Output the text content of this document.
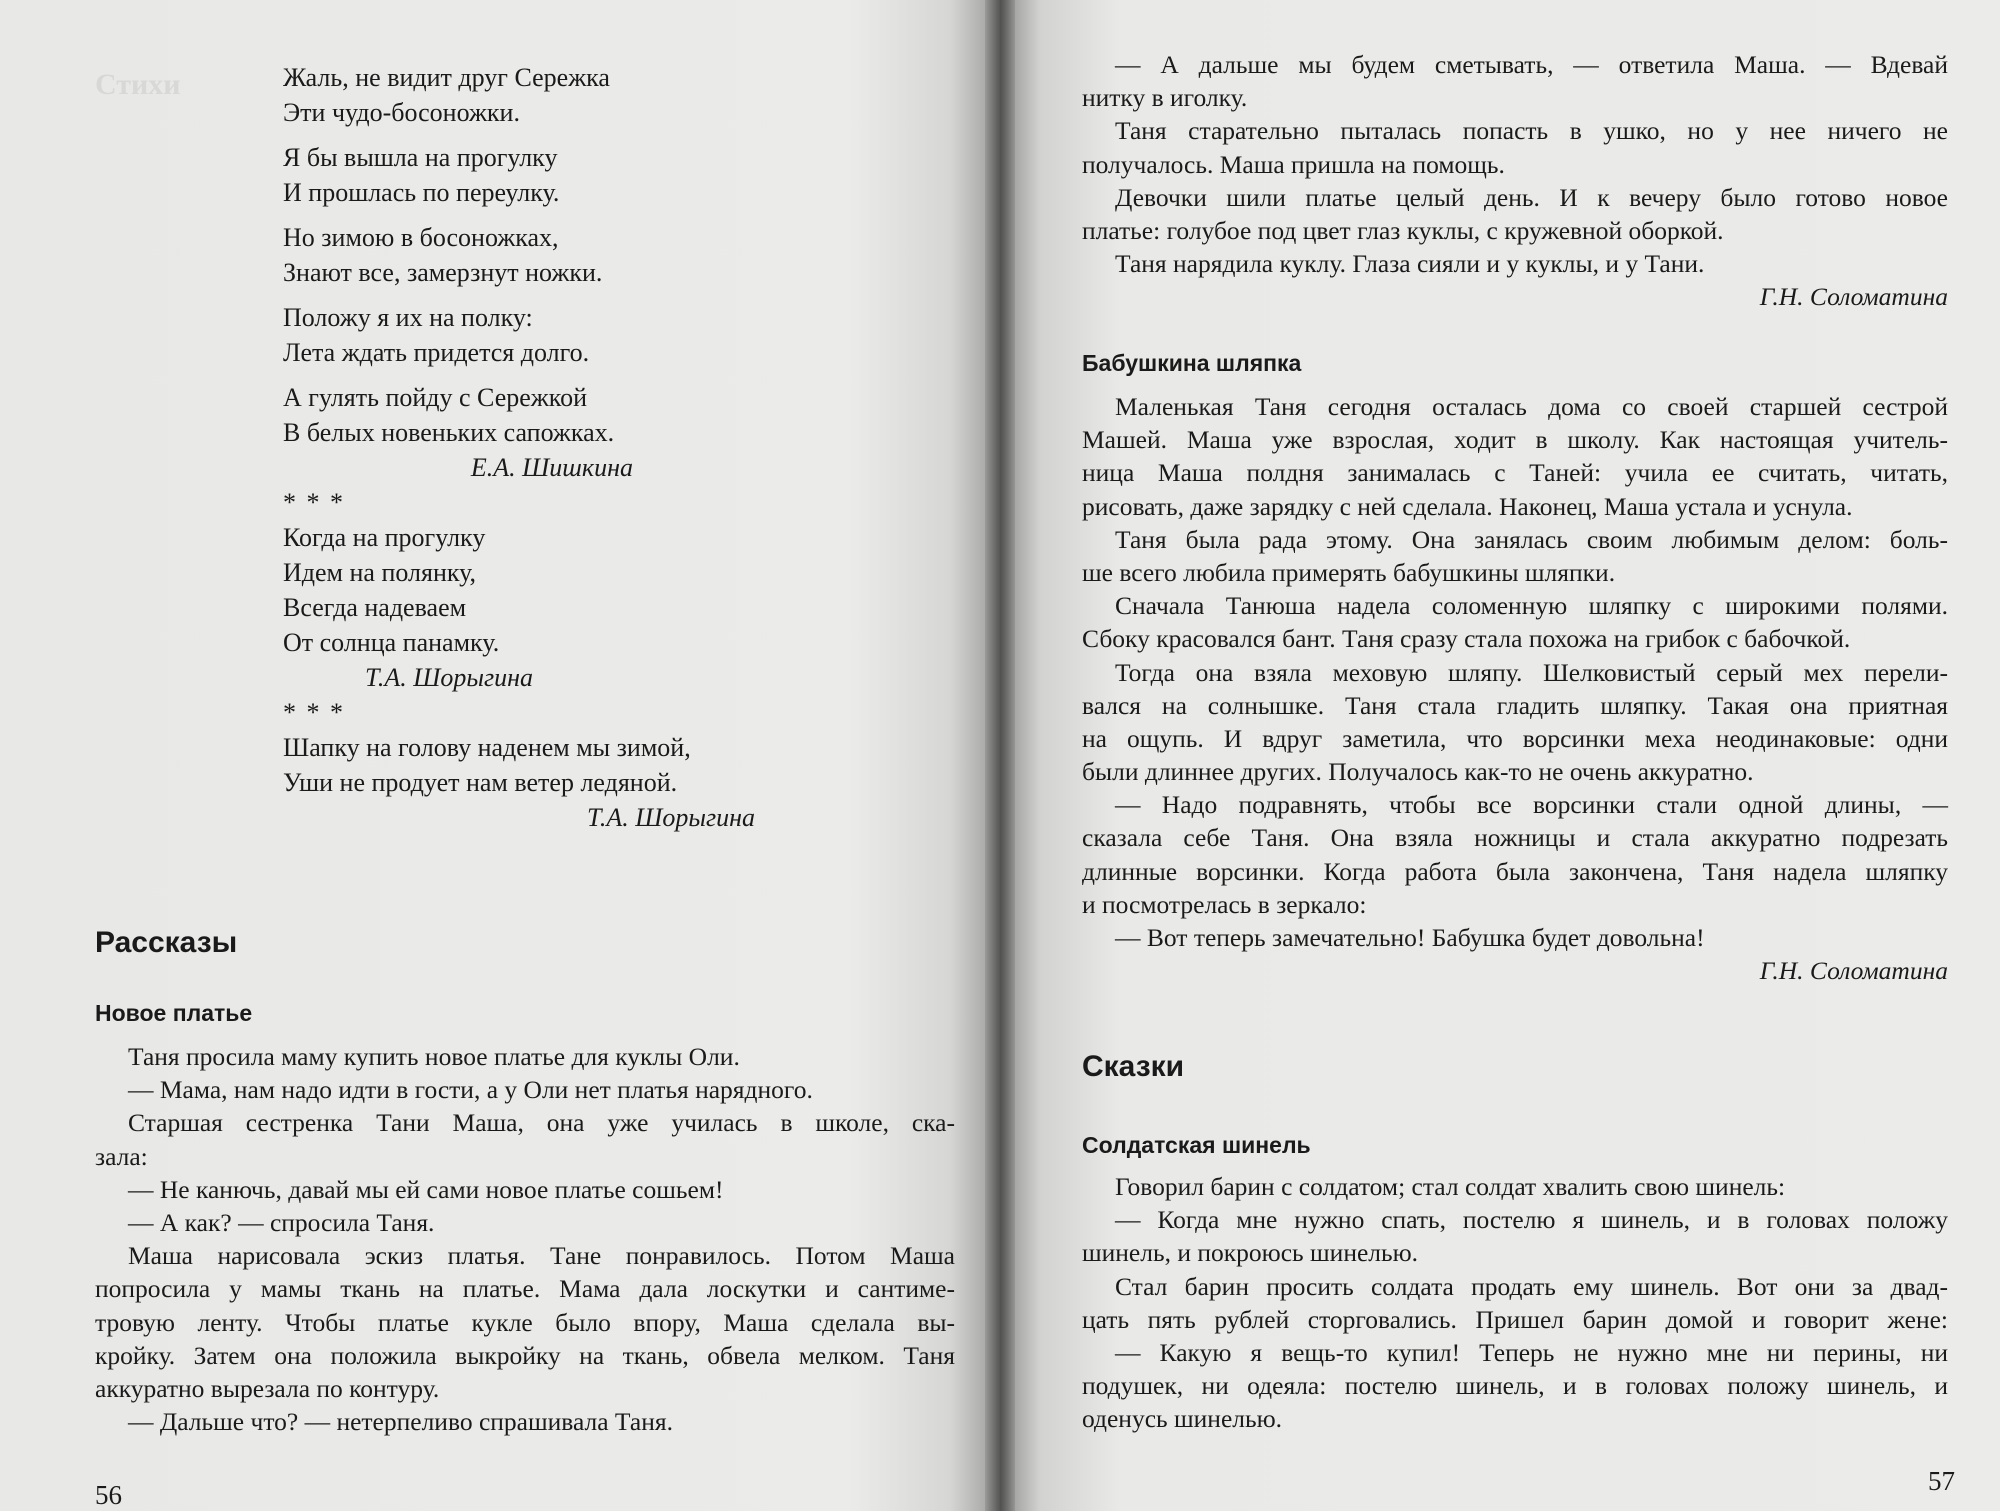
Стихи	Жаль, не видит друг Сережка
Эти чудо-босоножки.
Я бы вышла на прогулку
И прошлась по переулку.
Но зимою в босоножках,
Знают все, замерзнут ножки.
Положу я их на полку:
Лета ждать придется долго.
А гулять пойду с Сережкой
В белых новеньких сапожках.
Е.А. Шишкина
* * *
Когда на прогулку
Идем на полянку,
Всегда надеваем
От солнца панамку.
Т.А. Шорыгина
* * *
Шапку на голову наденем мы зимой,
Уши не продует нам ветер ледяной.
Т.А. Шорыгина
Рассказы
Новое платье
Таня просила маму купить новое платье для куклы Оли.
— Мама, нам надо идти в гости, а у Оли нет платья нарядного.
Старшая сестренка Тани Маша, она уже училась в школе, ска-
зала:
— Не канючь, давай мы ей сами новое платье сошьем!
— А как? — спросила Таня.
Маша нарисовала эскиз платья. Тане понравилось. Потом Маша
попросила у мамы ткань на платье. Мама дала лоскутки и сантиме-
тровую ленту. Чтобы платье кукле было впору, Маша сделала вы-
кройку. Затем она положила выкройку на ткань, обвела мелком. Таня
аккуратно вырезала по контуру.
— Дальше что? — нетерпеливо спрашивала Таня.
56
— А дальше мы будем сметывать, — ответила Маша. — Вдевай
нитку в иголку.
Таня старательно пыталась попасть в ушко, но у нее ничего не
получалось. Маша пришла на помощь.
Девочки шили платье целый день. И к вечеру было готово новое
платье: голубое под цвет глаз куклы, с кружевной оборкой.
Таня нарядила куклу. Глаза сияли и у куклы, и у Тани.
Г.Н. Соломатина
Бабушкина шляпка
Маленькая Таня сегодня осталась дома со своей старшей сестрой
Машей. Маша уже взрослая, ходит в школу. Как настоящая учитель-
ница Маша полдня занималась с Таней: учила ее считать, читать,
рисовать, даже зарядку с ней сделала. Наконец, Маша устала и уснула.
Таня была рада этому. Она занялась своим любимым делом: боль-
ше всего любила примерять бабушкины шляпки.
Сначала Танюша надела соломенную шляпку с широкими полями.
Сбоку красовался бант. Таня сразу стала похожа на грибок с бабочкой.
Тогда она взяла меховую шляпу. Шелковистый серый мех перели-
вался на солнышке. Таня стала гладить шляпку. Такая она приятная
на ощупь. И вдруг заметила, что ворсинки меха неодинаковые: одни
были длиннее других. Получалось как-то не очень аккуратно.
— Надо подравнять, чтобы все ворсинки стали одной длины, —
сказала себе Таня. Она взяла ножницы и стала аккуратно подрезать
длинные ворсинки. Когда работа была закончена, Таня надела шляпку
и посмотрелась в зеркало:
— Вот теперь замечательно! Бабушка будет довольна!
Г.Н. Соломатина
Сказки
Солдатская шинель
Говорил барин с солдатом; стал солдат хвалить свою шинель:
— Когда мне нужно спать, постелю я шинель, и в головах положу
шинель, и покроюсь шинелью.
Стал барин просить солдата продать ему шинель. Вот они за двад-
цать пять рублей сторговались. Пришел барин домой и говорит жене:
— Какую я вещь-то купил! Теперь не нужно мне ни перины, ни
подушек, ни одеяла: постелю шинель, и в головах положу шинель, и
оденусь шинелью.
57
